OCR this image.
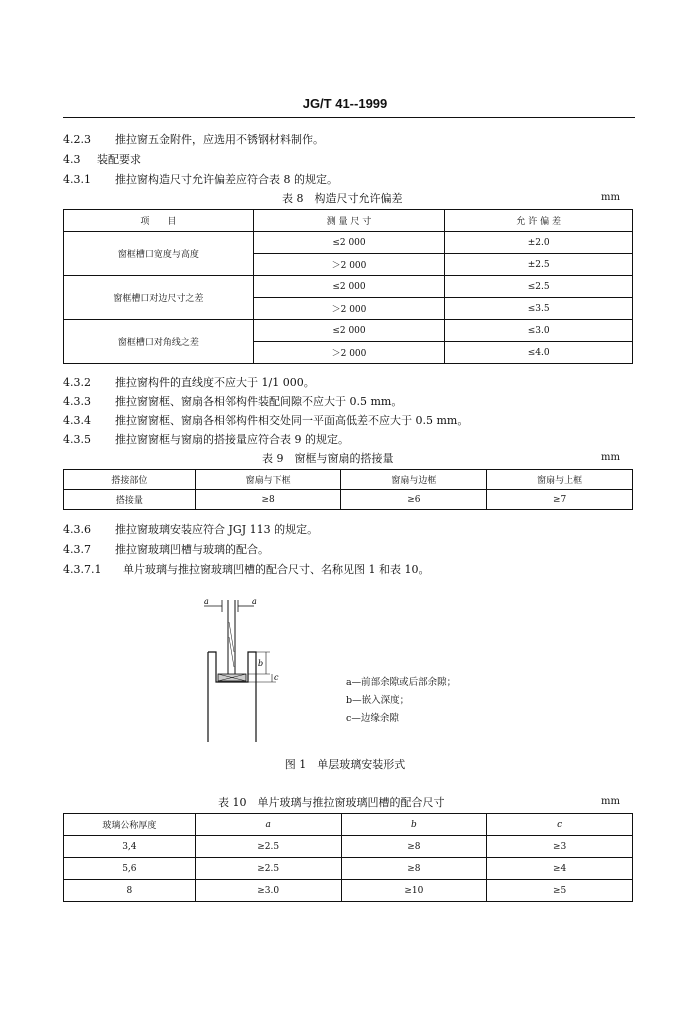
JG/T 41--1999
4.2.3 推拉窗五金附件，应选用不锈钢材料制作。
4.3 装配要求
4.3.1 推拉窗构造尺寸允许偏差应符合表 8 的规定。
表 8　构造尺寸允许偏差	mm
项　　目	测 量 尺 寸	允 许 偏 差
窗框槽口宽度与高度	≤2 000	±2.0
	＞2 000	±2.5
窗框槽口对边尺寸之差	≤2 000	≤2.5
	＞2 000	≤3.5
窗框槽口对角线之差	≤2 000	≤3.0
	＞2 000	≤4.0
4.3.2 推拉窗构件的直线度不应大于 1/1 000。
4.3.3 推拉窗窗框、窗扇各相邻构件装配间隙不应大于 0.5 mm。
4.3.4 推拉窗窗框、窗扇各相邻构件相交处同一平面高低差不应大于 0.5 mm。
4.3.5 推拉窗窗框与窗扇的搭接量应符合表 9 的规定。
表 9　窗框与窗扇的搭接量	mm
搭接部位	窗扇与下框	窗扇与边框	窗扇与上框
搭接量	≥8	≥6	≥7
4.3.6 推拉窗玻璃安装应符合 JGJ 113 的规定。
4.3.7 推拉窗玻璃凹槽与玻璃的配合。
4.3.7.1 单片玻璃与推拉窗玻璃凹槽的配合尺寸、名称见图 1 和表 10。
a	a
b
c	a—前部余隙或后部余隙；
b—嵌入深度；
c—边缘余隙
图 1　单层玻璃安装形式
表 10　单片玻璃与推拉窗玻璃凹槽的配合尺寸	mm
玻璃公称厚度	a	b	c
3,4	≥2.5	≥8	≥3
5,6	≥2.5	≥8	≥4
8	≥3.0	≥10	≥5
